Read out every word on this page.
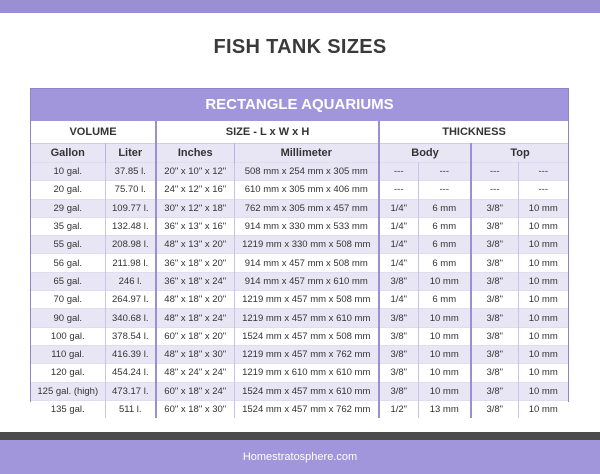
FISH TANK SIZES
RECTANGLE AQUARIUMS
VOLUME		SIZE - L x W x H		THICKNESS			
Gallon	Liter	Inches	Millimeter	Body		Top	
10 gal.	37.85 l.	20" x 10" x 12"	508 mm x 254 mm x 305 mm	---	---	---	---
20 gal.	75.70 l.	24" x 12" x 16"	610 mm x 305 mm x 406 mm	---	---	---	---
29 gal.	109.77 l.	30" x 12" x 18"	762 mm x 305 mm x 457 mm	1/4"	6 mm	3/8"	10 mm
35 gal.	132.48 l.	36" x 13" x 16"	914 mm x 330 mm x 533 mm	1/4"	6 mm	3/8"	10 mm
55 gal.	208.98 l.	48" x 13" x 20"	1219 mm x 330 mm x 508 mm	1/4"	6 mm	3/8"	10 mm
56 gal.	211.98 l.	36" x 18" x 20"	914 mm x 457 mm x 508 mm	1/4"	6 mm	3/8"	10 mm
65 gal.	246 l.	36" x 18" x 24"	914 mm x 457 mm x 610 mm	3/8"	10 mm	3/8"	10 mm
70 gal.	264.97 l.	48" x 18" x 20"	1219 mm x 457 mm x 508 mm	1/4"	6 mm	3/8"	10 mm
90 gal.	340.68 l.	48" x 18" x 24"	1219 mm x 457 mm x 610 mm	3/8"	10 mm	3/8"	10 mm
100 gal.	378.54 l.	60" x 18" x 20"	1524 mm x 457 mm x 508 mm	3/8"	10 mm	3/8"	10 mm
110 gal.	416.39 l.	48" x 18" x 30"	1219 mm x 457 mm x 762 mm	3/8"	10 mm	3/8"	10 mm
120 gal.	454.24 l.	48" x 24" x 24"	1219 mm x 610 mm x 610 mm	3/8"	10 mm	3/8"	10 mm
125 gal. (high)	473.17 l.	60" x 18" x 24"	1524 mm x 457 mm x 610 mm	3/8"	10 mm	3/8"	10 mm
135 gal.	511 l.	60" x 18" x 30"	1524 mm x 457 mm x 762 mm	1/2"	13 mm	3/8"	10 mm
Homestratosphere.com
